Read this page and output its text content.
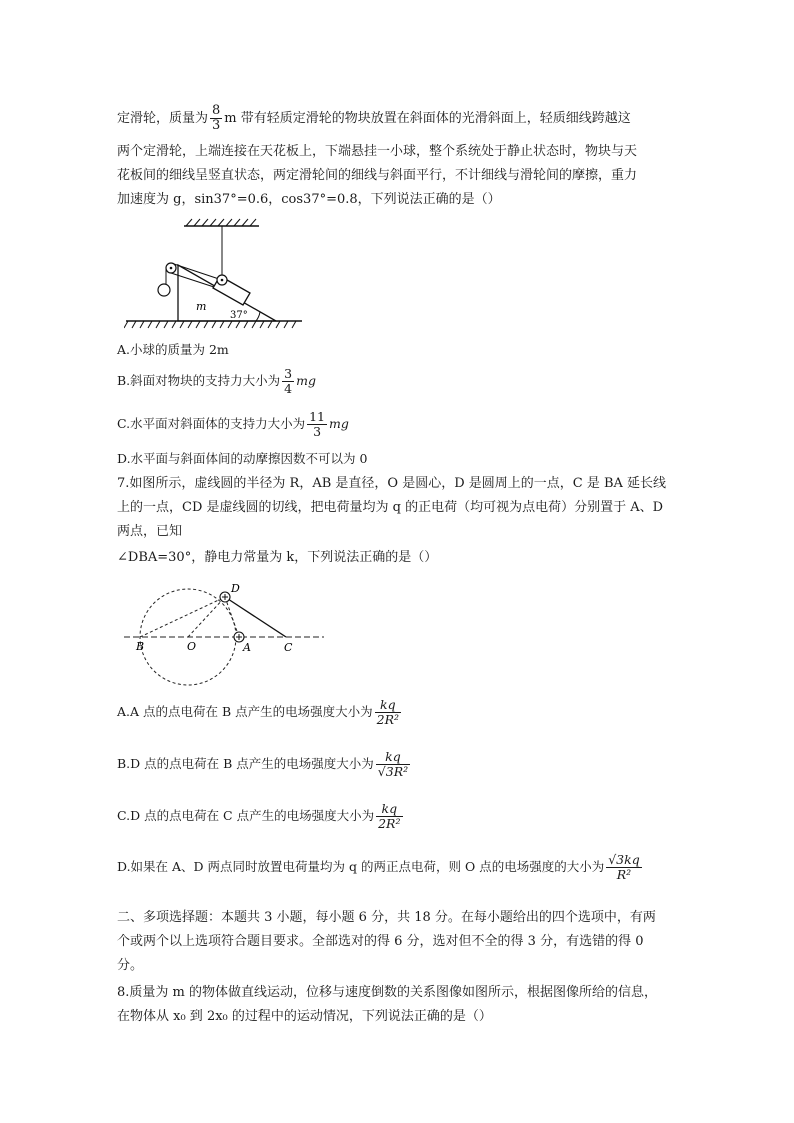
定滑轮，质量为 $\frac{8}{3}$ m 带有轻质定滑轮的物块放置在斜面体的光滑斜面上，轻质细线跨越这
两个定滑轮，上端连接在天花板上，下端悬挂一小球，整个系统处于静止状态时，物块与天
花板间的细线呈竖直状态，两定滑轮间的细线与斜面平行，不计细线与滑轮间的摩擦，重力
加速度为 g，sin37°=0.6，cos37°=0.8，下列说法正确的是（）
m
37°
A.小球的质量为 2m
B.斜面对物块的支持力大小为 $\frac{3}{4}$ mg
C.水平面对斜面体的支持力大小为 $\frac{11}{3}$ mg
D.水平面与斜面体间的动摩擦因数不可以为 0
7.如图所示，虚线圆的半径为 R，AB 是直径，O 是圆心，D 是圆周上的一点，C 是 BA 延长线
上的一点，CD 是虚线圆的切线，把电荷量均为 q 的正电荷（均可视为点电荷）分别置于 A、D
两点，已知
∠DBA=30°，静电力常量为 k，下列说法正确的是（）
D
B	O	A	C
A.A 点的点电荷在 B 点产生的电场强度大小为 $\frac{kq}{\text{2R²}}$
B.D 点的点电荷在 B 点产生的电场强度大小为 $\frac{kq}{\text{√3R²}}$
C.D 点的点电荷在 C 点产生的电场强度大小为 $\frac{kq}{\text{2R²}}$
D.如果在 A、D 两点同时放置电荷量均为 q 的两正点电荷，则 O 点的电场强度的大小为 $\frac{√3kq}{\text{R²}}$
二、多项选择题：本题共 3 小题，每小题 6 分，共 18 分。在每小题给出的四个选项中，有两
个或两个以上选项符合题目要求。全部选对的得 6 分，选对但不全的得 3 分，有选错的得 0
分。
8.质量为 m 的物体做直线运动，位移与速度倒数的关系图像如图所示，根据图像所给的信息，
在物体从 x₀ 到 2x₀ 的过程中的运动情况，下列说法正确的是（）
